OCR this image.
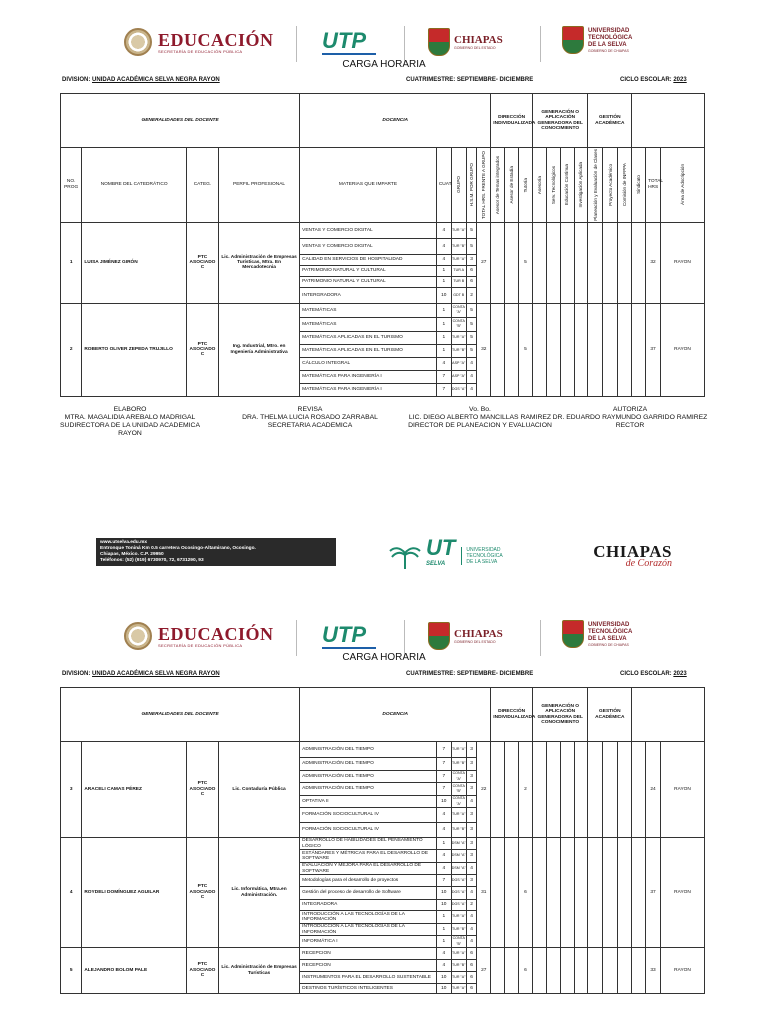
EDUCACIÓN
SECRETARÍA DE EDUCACIÓN PÚBLICA	UTP	CHIAPAS
GOBIERNO DEL ESTADO
UNIVERSIDAD
TECNOLÓGICA
DE LA SELVA
GOBIERNO DE CHIAPAS
CARGA HORARIA
DIVISION: UNIDAD ACADÉMICA SELVA NEGRA RAYON	CUATRIMESTRE: SEPTIEMBRE- DICIEMBRE	CICLO ESCOLAR: 2023
GENERALIDADES DEL DOCENTE				DOCENCIA					DIRECCIÓN INDIVIDUALIZADA			GENERACIÓN O APLICACIÓN GENERADORA DEL CONOCIMIENTO				GESTIÓN ACADÉMICA					
NO. PROG	NOMBRE DEL CATEDRÁTICO	CATEG.	PERFIL PROFESIONAL	MATERIAS QUE IMPARTE	CUAT.	GRUPO	H.S.M. POR GRUPO	TOTAL HRS. FRENTE A GRUPO	Asesor de Temas integrados	Asesor de Estadía	Tutoría	Asesoría	Serv. Tecnológicos	Educación Continua	Investigación Aplicada	Planeación y Evaluación de Clases	Proyecto Académico	Comisión de INFPPA	Sindicato	TOTAL HRS	Área de Adscripción

1	LUISA JIMÉNEZ GIRÓN	PTC ASOCIADO C	Lic. Administración de Empresas Turísticas, Mtra. En Mercadotecnia	VENTAS Y COMERCIO DIGITAL	4	TUR "A"	5	27			5									32	RAYON
				VENTAS Y COMERCIO DIGITAL	4	TUR "B"	5														
				CALIDAD EN SERVICIOS DE HOSPITALIDAD	4	TUR "A"	3														
				PATRIMONIO NATURAL Y CULTURAL	1	TUR A	6														
				PATRIMONIO NATURAL Y CULTURAL	1	TUR B	6														
				INTERGRADORA	10	GDT B	2														
2	ROBERTO OLIVER ZEPEDA TRUJILLO	PTC ASOCIADO C	Ing. Industrial, Mtro. en Ingeniería Administrativa	MATEMÁTICAS	1	CONTA "A"	5	32			5									37	RAYON
				MATEMÁTICAS	1	CONTA "B"	5														
				MATEMÁTICAS APLICADAS EN EL TURISMO	1	TUR "A"	5														
				MATEMÁTICAS APLICADAS EN EL TURISMO	1	TUR "B"	5														
				CÁLCULO INTEGRAL	4	ASP "A"	4														
				MATEMÁTICAS PARA INGENIERÍA I	7	ASP "A"	4														
				MATEMÁTICAS PARA INGENIERÍA I	7	DGS "A"	4														
ELABORO
MTRA. MAGALIDIA AREBALO MADRIGAL
SUDIRECTORA DE LA UNIDAD ACADEMICA RAYON
REVISA
DRA. THELMA LUCIA ROSADO ZARRABAL
SECRETARIA ACADEMICA
Vo. Bo.
LIC. DIEGO ALBERTO MANCILLAS RAMIREZ
DIRECTOR DE PLANEACION Y EVALUACION
AUTORIZA
DR. EDUARDO RAYMUNDO GARRIDO RAMIREZ
RECTOR
www.utselva.edu.mx
Entronque Toniná Km 0.5 carretera Ocosingo-Altamirano, Ocosingo.
Chiapas, México. C.P. 29950
Teléfonos: (52) (919) 6730970, 72, 6731290, 93
UT
SELVA
UNIVERSIDAD
TECNOLÓGICA
DE LA SELVA
CHIAPAS
de Corazón
EDUCACIÓN
SECRETARÍA DE EDUCACIÓN PÚBLICA	UTP	CHIAPAS
GOBIERNO DEL ESTADO
UNIVERSIDAD
TECNOLÓGICA
DE LA SELVA
GOBIERNO DE CHIAPAS
CARGA HORARIA
DIVISION: UNIDAD ACADÉMICA SELVA NEGRA RAYON	CUATRIMESTRE: SEPTIEMBRE- DICIEMBRE	CICLO ESCOLAR: 2023
GENERALIDADES DEL DOCENTE				DOCENCIA					DIRECCIÓN INDIVIDUALIZADA			GENERACIÓN O APLICACIÓN GENERADORA DEL CONOCIMIENTO				GESTIÓN ACADÉMICA					
3	ARACELI CAMAS PÉREZ	PTC ASOCIADO C	Lic. Contaduría Pública	ADMINISTRACIÓN DEL TIEMPO	7	TUR "A"	3	22			2									24	RAYON
				ADMINISTRACIÓN DEL TIEMPO	7	TUR "B"	3														
				ADMINISTRACIÓN DEL TIEMPO	7	CONTA "A"	3														
				ADMINISTRACIÓN DEL TIEMPO	7	CONTA "B"	3														
				OPTATIVA II	10	CONTA "A"	4														
				FORMACIÓN SOCIOCULTURAL IV	4	TUR "A"	3														
				FORMACIÓN SOCIOCULTURAL IV	4	TUR "B"	3														
4	ROYDELI DOMÍNGUEZ AGUILAR	PTC ASOCIADO C	Lic. Informática, Mtra.en Administración.	DESARROLLO DE HABILIDADES DEL PENSAMIENTO LÓGICO	1	DSM "A"	3	31			6									37	RAYON
				ESTÁNDARES Y MÉTRICAS PARA EL DESARROLLO DE SOFTWARE	4	DSM "A"	3														
				EVALUACIÓN Y MEJORA PARA EL DESARROLLO DE SOFTWARE	4	DSM "A"	4														
				Metodologías para el desarrollo de proyectos	7	DGS "A"	3														
				Gestión del proceso de desarrollo de Software	10	DGS "A"	4														
				INTEGRADORA	10	DGS "A"	2														
				INTRODUCCIÓN A LAS TECNOLOGÍAS DE LA INFORMACIÓN	1	TUR "A"	4														
				INTRODUCCIÓN A LAS TECNOLOGÍAS DE LA INFORMACIÓN	1	TUR "B"	4														
				INFORMÁTICA I	1	CONTA "B"	4														
5	ALEJANDRO BOLOM PALE	PTC ASOCIADO C	Lic. Administración de Empresas Turísticas	RECEPCION	4	TUR "A"	6	27			6									33	RAYON
				RECEPCION	4	TUR "B"	6														
				INSTRUMENTOS PARA EL DESARROLLO SUSTENTABLE	10	TUR "A"	6														
				DESTINOS TURÍSTICOS INTELIGENTES	10	TUR "A"	6														
